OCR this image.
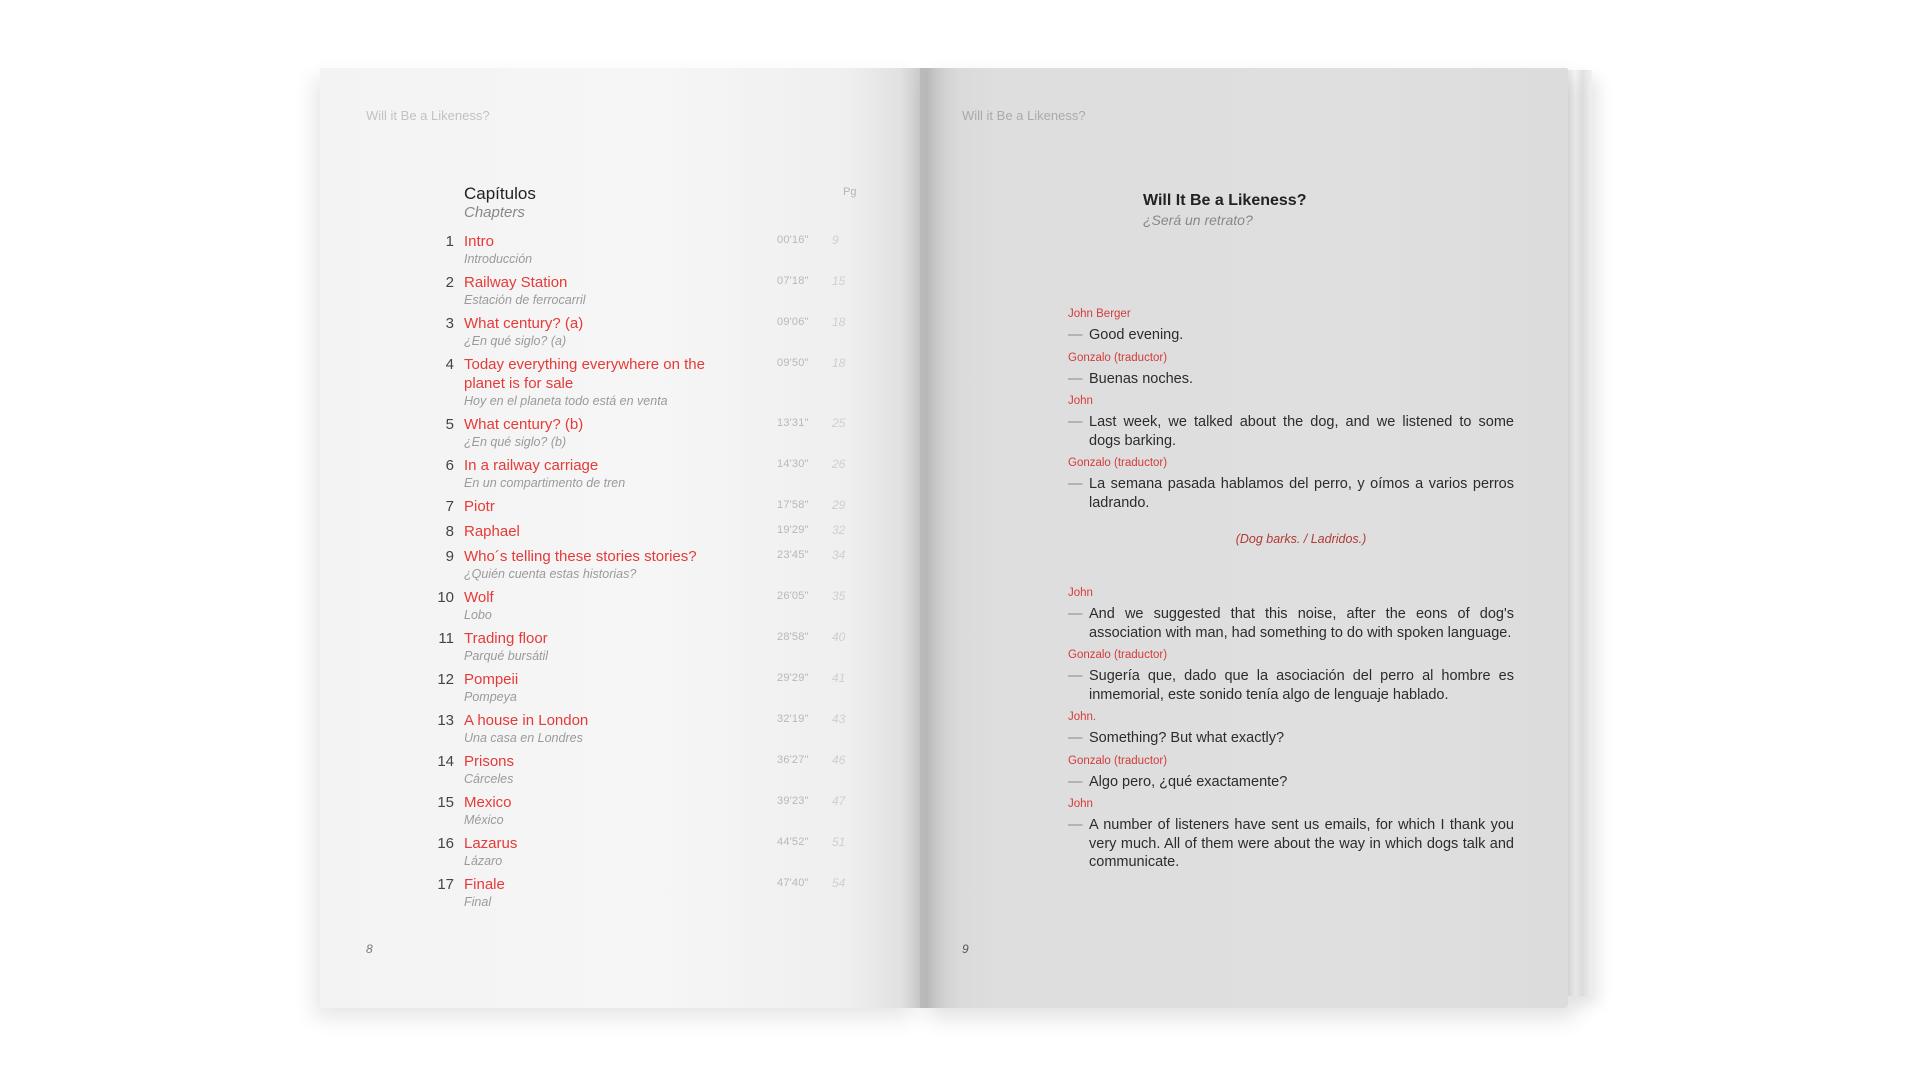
Will it Be a Likeness?
Capítulos
Chapters
Pg
1 Intro
Introducción
00'16" 9
2 Railway Station
Estación de ferrocarril
07'18" 15
3 What century? (a)
¿En qué siglo? (a)
09'06" 18
4 Today everything everywhere on the planet is for sale
Hoy en el planeta todo está en venta
09'50" 18
5 What century? (b)
¿En qué siglo? (b)
13'31" 25
6 In a railway carriage
En un compartimento de tren
14'30" 26
7 Piotr	17'58" 29
8 Raphael	19'29" 32
9 Who´s telling these stories stories?
¿Quién cuenta estas historias?
23'45" 34
10 Wolf
Lobo
26'05" 35
11 Trading floor
Parqué bursátil
28'58" 40
12 Pompeii
Pompeya
29'29" 41
13 A house in London
Una casa en Londres
32'19" 43
14 Prisons
Cárceles
36'27" 46
15 Mexico
México
39'23" 47
16 Lazarus
Lázaro
44'52" 51
17 Finale
Final
47'40" 54
8
Will it Be a Likeness?
Will It Be a Likeness?
¿Será un retrato?
John Berger
— Good evening.
Gonzalo (traductor)
— Buenas noches.
John
— Last week, we talked about the dog, and we listened to some dogs barking.
Gonzalo (traductor)
— La semana pasada hablamos del perro, y oímos a varios perros ladrando.
(Dog barks. / Ladridos.)
John
— And we suggested that this noise, after the eons of dog's association with man, had something to do with spoken language.
Gonzalo (traductor)
— Sugería que, dado que la asociación del perro al hombre es inmemorial, este sonido tenía algo de lenguaje hablado.
John.
— Something? But what exactly?
Gonzalo (traductor)
— Algo pero, ¿qué exactamente?
John
— A number of listeners have sent us emails, for which I thank you very much. All of them were about the way in which dogs talk and communicate.
9
